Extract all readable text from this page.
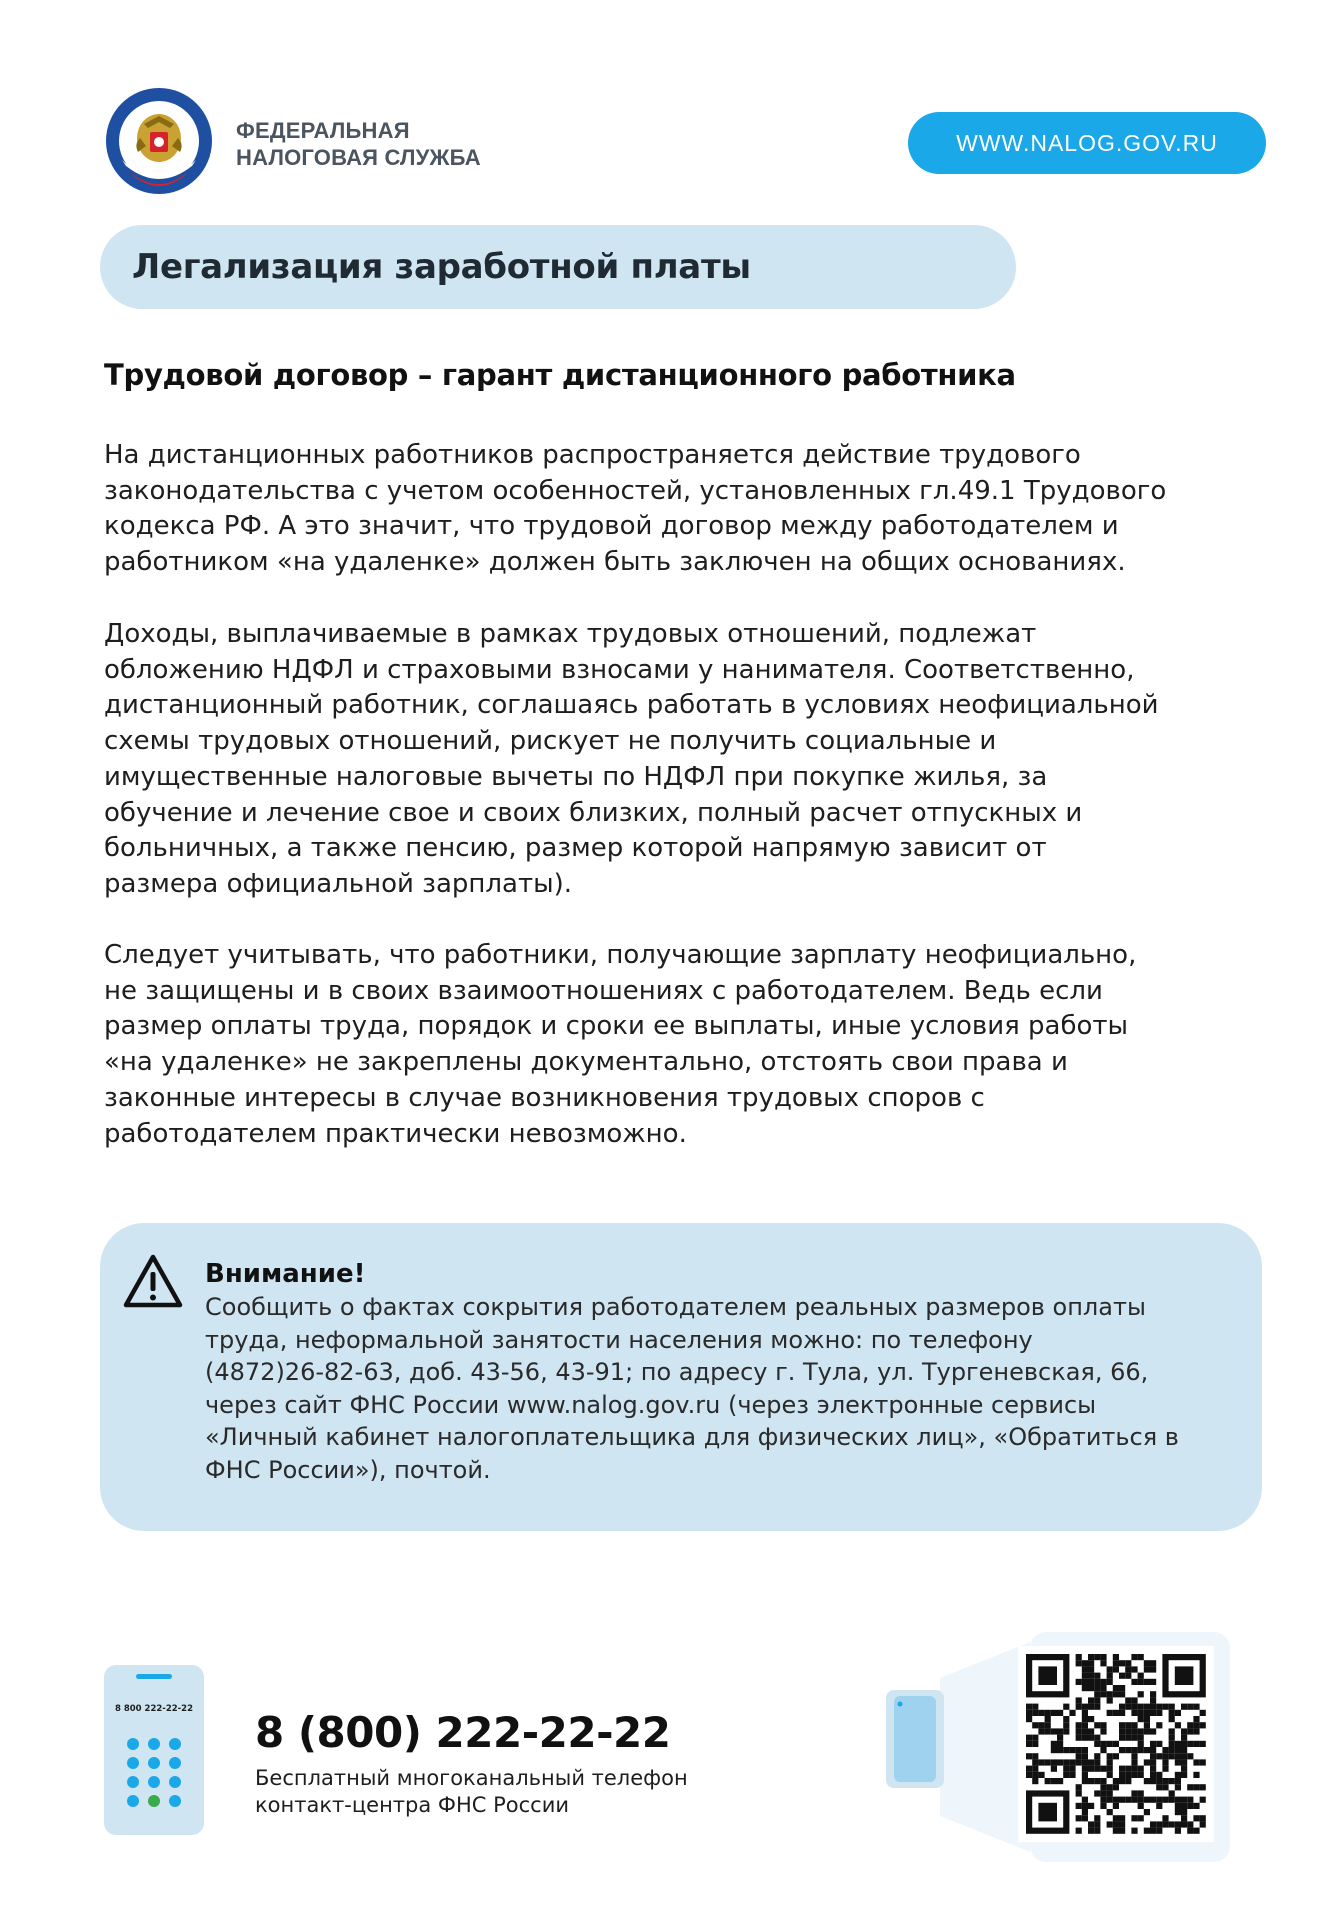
ФЕДЕРАЛЬНАЯ
НАЛОГОВАЯ СЛУЖБА
WWW.NALOG.GOV.RU
Легализация заработной платы
Трудовой договор – гарант дистанционного работника
На дистанционных работников распространяется действие трудового
законодательства с учетом особенностей, установленных гл.49.1 Трудового
кодекса РФ. А это значит, что трудовой договор между работодателем и
работником «на удаленке» должен быть заключен на общих основаниях.
Доходы, выплачиваемые в рамках трудовых отношений, подлежат
обложению НДФЛ и страховыми взносами у нанимателя. Соответственно,
дистанционный работник, соглашаясь работать в условиях неофициальной
схемы трудовых отношений, рискует не получить социальные и
имущественные налоговые вычеты по НДФЛ при покупке жилья, за
обучение и лечение свое и своих близких, полный расчет отпускных и
больничных, а также пенсию, размер которой напрямую зависит от
размера официальной зарплаты).
Следует учитывать, что работники, получающие зарплату неофициально,
не защищены и в своих взаимоотношениях с работодателем. Ведь если
размер оплаты труда, порядок и сроки ее выплаты, иные условия работы
«на удаленке» не закреплены документально, отстоять свои права и
законные интересы в случае возникновения трудовых споров с
работодателем практически невозможно.
Внимание!
Сообщить о фактах сокрытия работодателем реальных размеров оплаты
труда, неформальной занятости населения можно: по телефону
(4872)26-82-63, доб. 43-56, 43-91; по адресу г. Тула, ул. Тургеневская, 66,
через сайт ФНС России www.nalog.gov.ru (через электронные сервисы
«Личный кабинет налогоплательщика для физических лиц», «Обратиться в
ФНС России»), почтой.
8 800 222-22-22 8 (800) 222-22-22
Бесплатный многоканальный телефон
контакт-центра ФНС России
